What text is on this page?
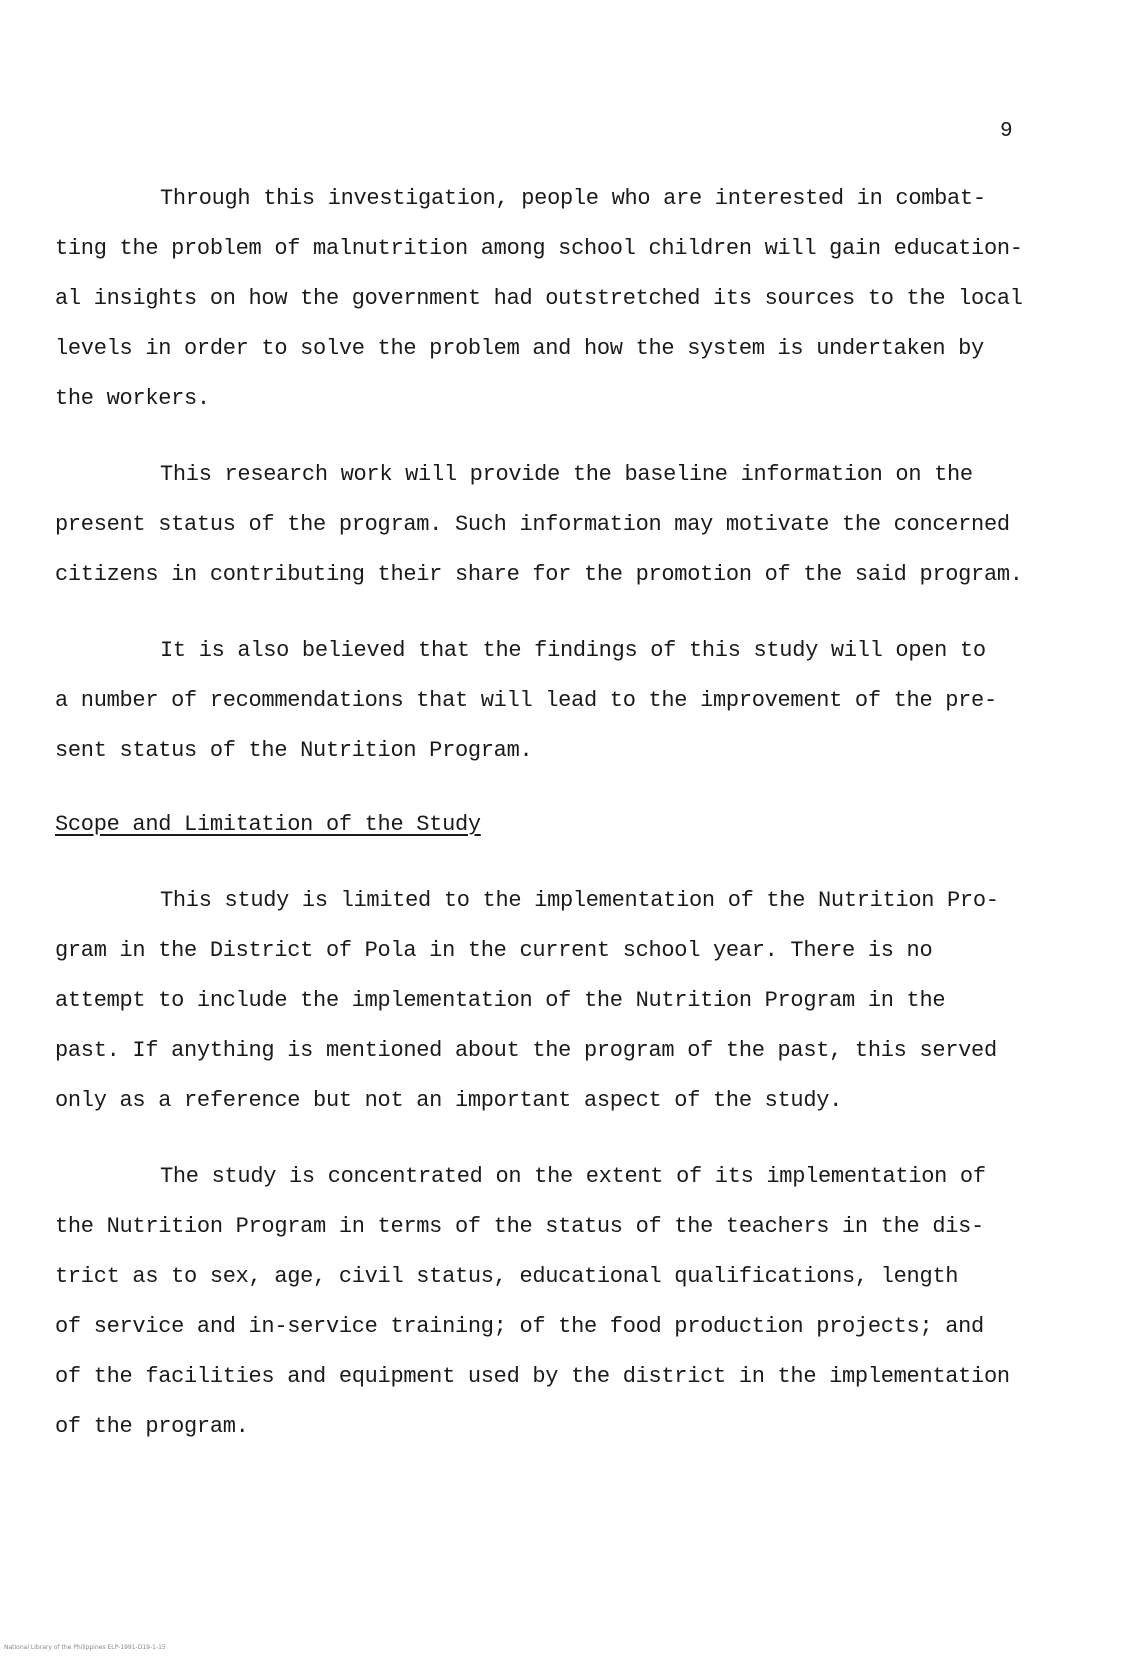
9
Through this investigation, people who are interested in combat-
ting the problem of malnutrition among school children will gain education-
al insights on how the government had outstretched its sources to the local
levels in order to solve the problem and how the system is undertaken by
the workers.
This research work will provide the baseline information on the
present status of the program. Such information may motivate the concerned
citizens in contributing their share for the promotion of the said program.
It is also believed that the findings of this study will open to
a number of recommendations that will lead to the improvement of the pre-
sent status of the Nutrition Program.
Scope and Limitation of the Study
This study is limited to the implementation of the Nutrition Pro-
gram in the District of Pola in the current school year. There is no
attempt to include the implementation of the Nutrition Program in the
past. If anything is mentioned about the program of the past, this served
only as a reference but not an important aspect of the study.
The study is concentrated on the extent of its implementation of
the Nutrition Program in terms of the status of the teachers in the dis-
trict as to sex, age, civil status, educational qualifications, length
of service and in-service training; of the food production projects; and
of the facilities and equipment used by the district in the implementation
of the program.
National Library of the Philippines ELP-1991-D19-1-15
